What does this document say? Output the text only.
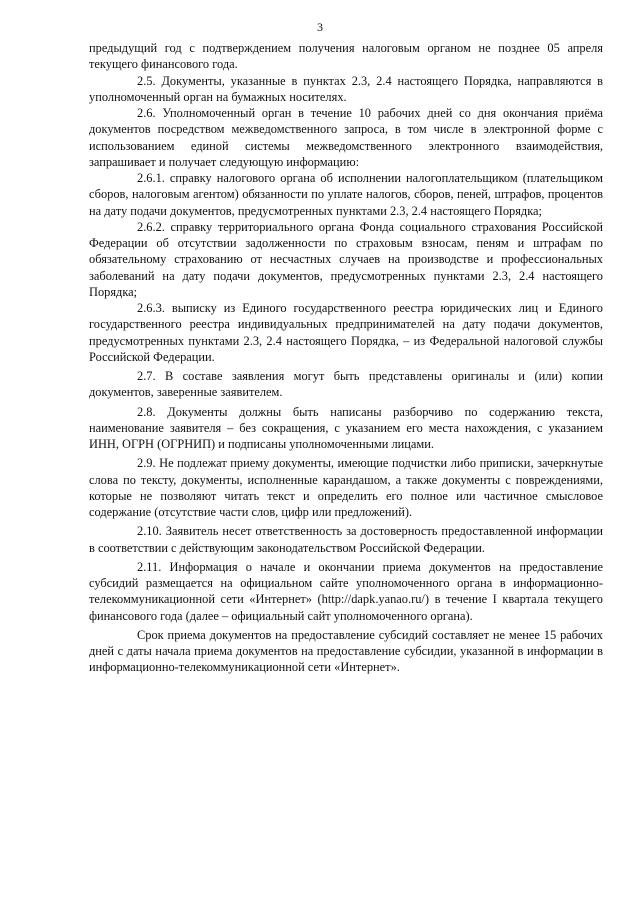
3

предыдущий год с подтверждением получения налоговым органом не позднее 05 апреля текущего финансового года.

2.5. Документы, указанные в пунктах 2.3, 2.4 настоящего Порядка, направляются в уполномоченный орган на бумажных носителях.

2.6. Уполномоченный орган в течение 10 рабочих дней со дня окончания приёма документов посредством межведомственного запроса, в том числе в электронной форме с использованием единой системы межведомственного электронного взаимодействия, запрашивает и получает следующую информацию:

2.6.1. справку налогового органа об исполнении налогоплательщиком (плательщиком сборов, налоговым агентом) обязанности по уплате налогов, сборов, пеней, штрафов, процентов на дату подачи документов, предусмотренных пунктами 2.3, 2.4 настоящего Порядка;

2.6.2. справку территориального органа Фонда социального страхования Российской Федерации об отсутствии задолженности по страховым взносам, пеням и штрафам по обязательному страхованию от несчастных случаев на производстве и профессиональных заболеваний на дату подачи документов, предусмотренных пунктами 2.3, 2.4 настоящего Порядка;

2.6.3. выписку из Единого государственного реестра юридических лиц и Единого государственного реестра индивидуальных предпринимателей на дату подачи документов, предусмотренных пунктами 2.3, 2.4 настоящего Порядка, – из Федеральной налоговой службы Российской Федерации.

2.7. В составе заявления могут быть представлены оригиналы и (или) копии документов, заверенные заявителем.

2.8. Документы должны быть написаны разборчиво по содержанию текста, наименование заявителя – без сокращения, с указанием его места нахождения, с указанием ИНН, ОГРН (ОГРНИП) и подписаны уполномоченными лицами.

2.9. Не подлежат приему документы, имеющие подчистки либо приписки, зачеркнутые слова по тексту, документы, исполненные карандашом, а также документы с повреждениями, которые не позволяют читать текст и определить его полное или частичное смысловое содержание (отсутствие части слов, цифр или предложений).

2.10. Заявитель несет ответственность за достоверность предоставленной информации в соответствии с действующим законодательством Российской Федерации.

2.11. Информация о начале и окончании приема документов на предоставление субсидий размещается на официальном сайте уполномоченного органа в информационно-телекоммуникационной сети «Интернет» (http://dapk.yanao.ru/) в течение I квартала текущего финансового года (далее – официальный сайт уполномоченного органа).

Срок приема документов на предоставление субсидий составляет не менее 15 рабочих дней с даты начала приема документов на предоставление субсидии, указанной в информации в информационно-телекоммуникационной сети «Интернет».
